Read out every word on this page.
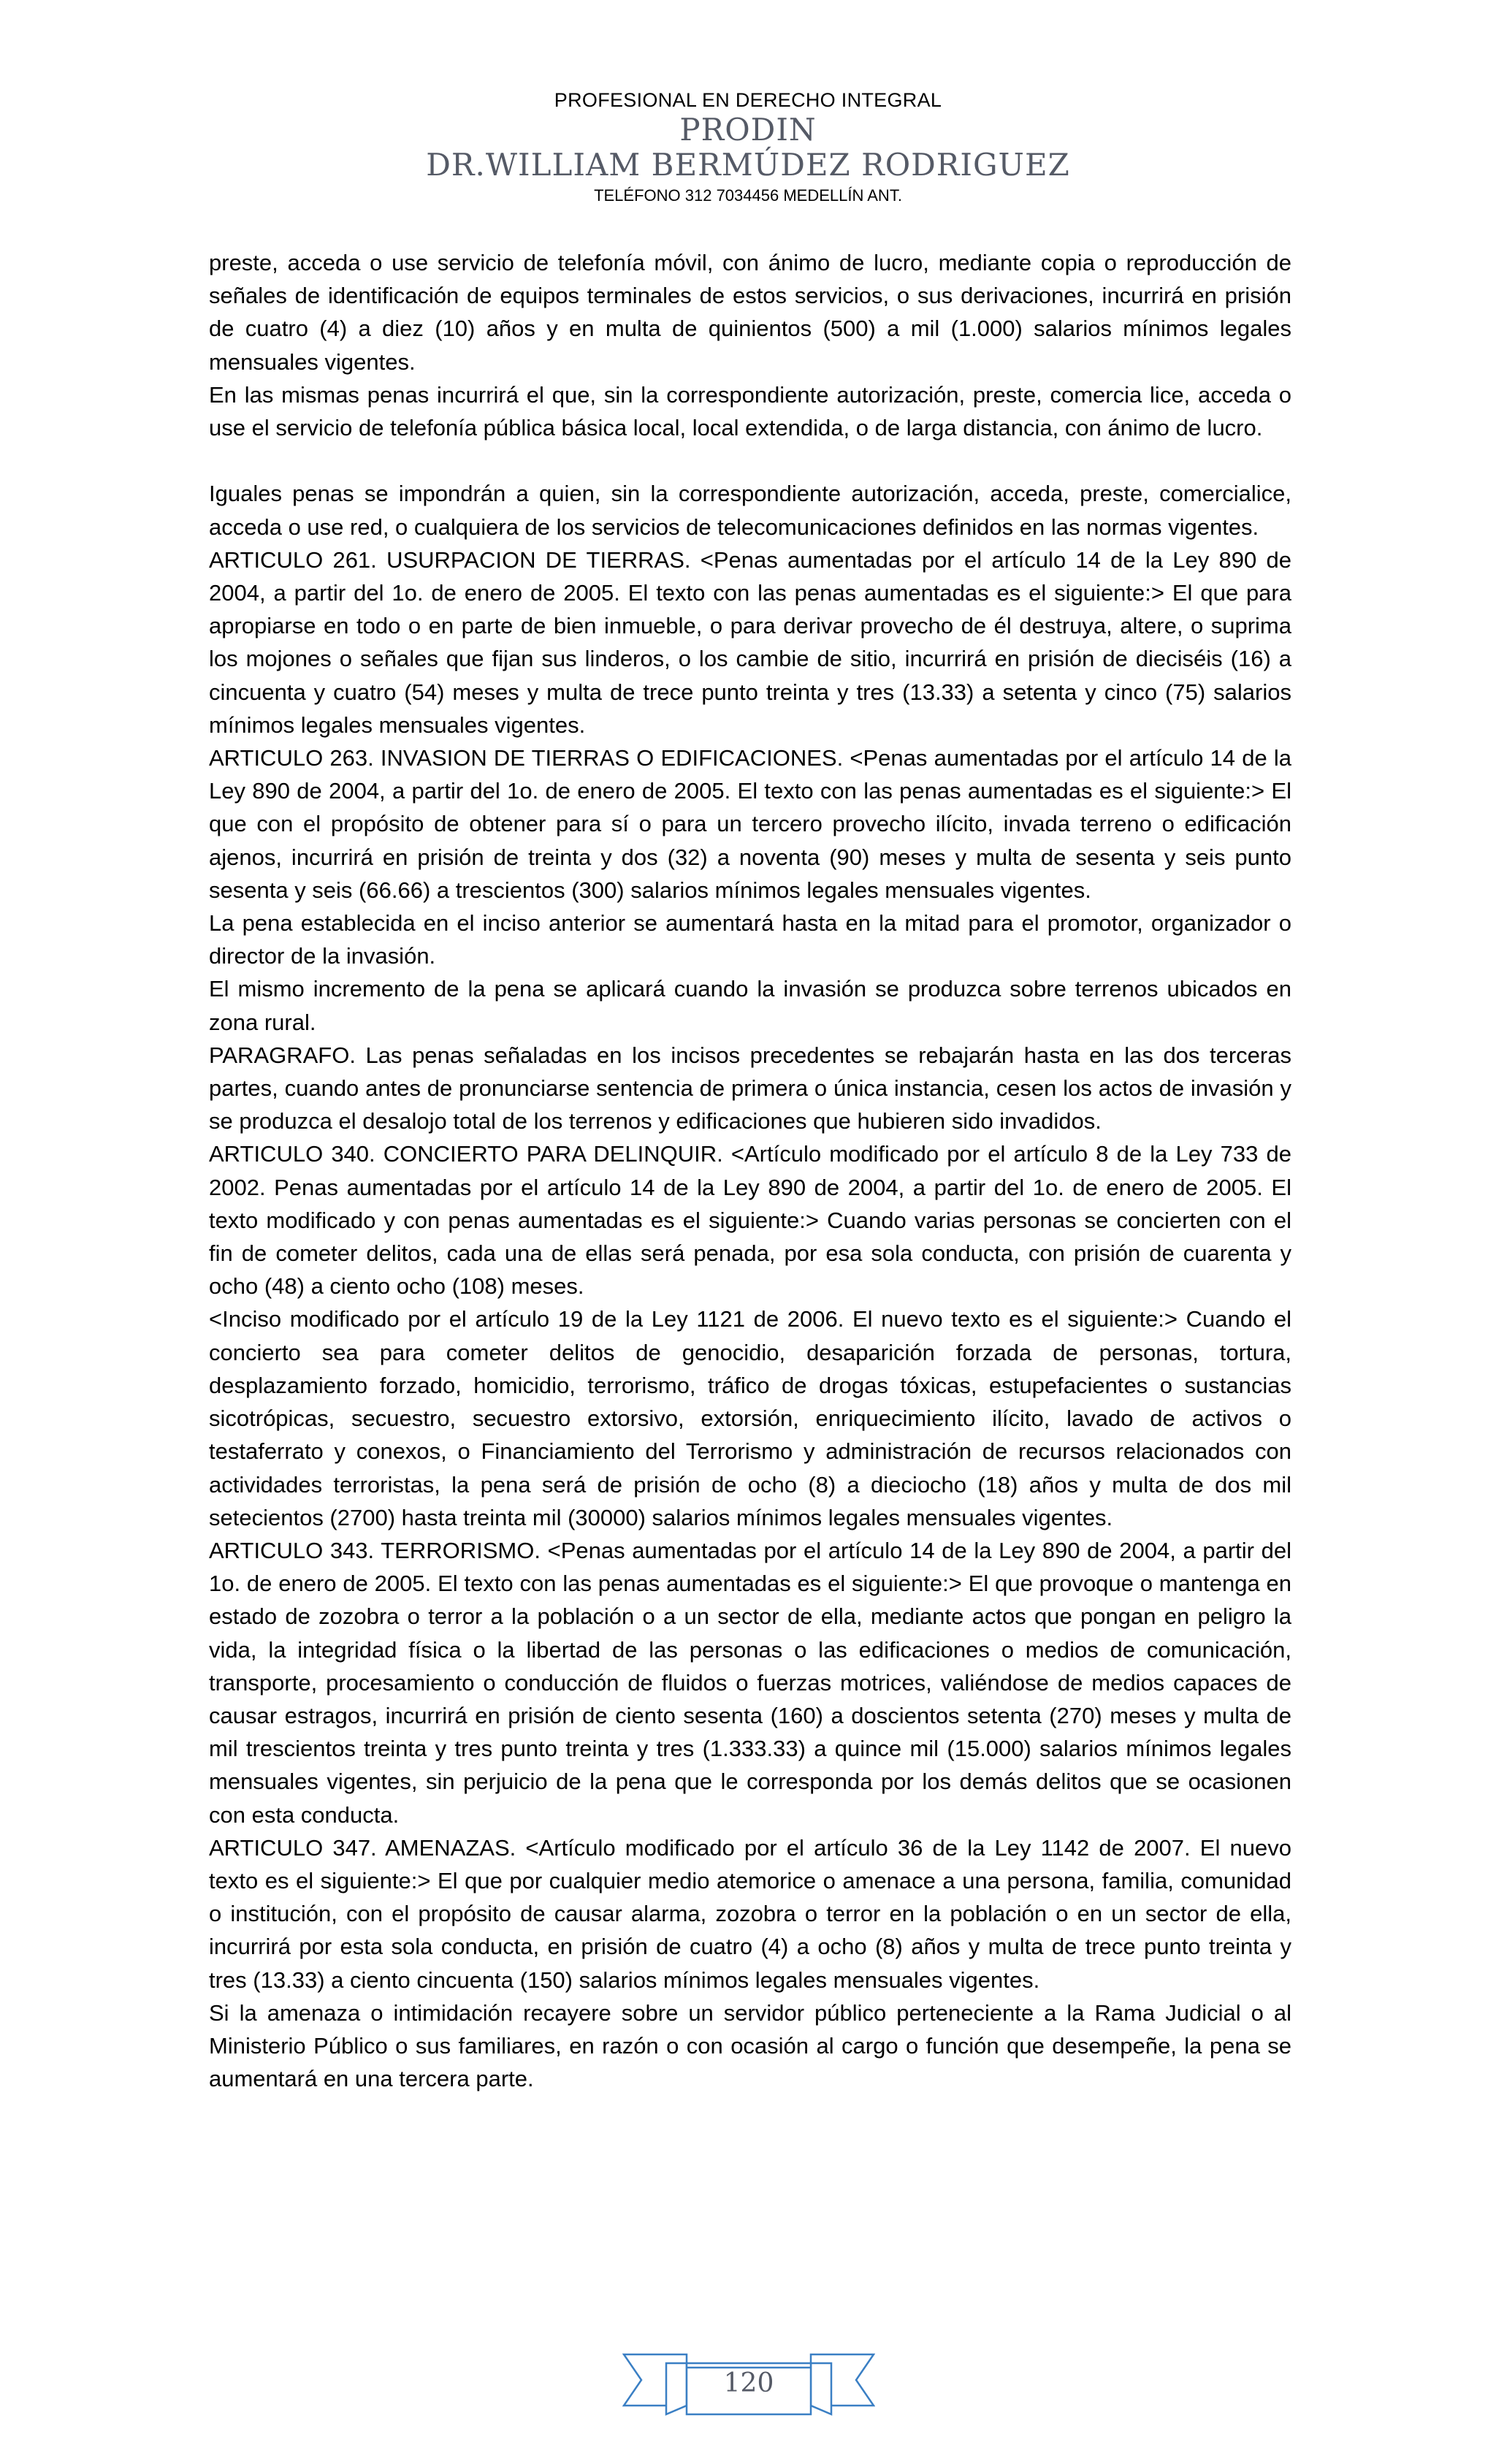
PROFESIONAL EN DERECHO INTEGRAL
PRODIN
DR.WILLIAM BERMÚDEZ RODRIGUEZ
TELÉFONO 312 7034456 MEDELLÍN ANT.

preste, acceda o use servicio de telefonía móvil, con ánimo de lucro, mediante copia o reproducción de señales de identificación de equipos terminales de estos servicios, o sus derivaciones, incurrirá en prisión de cuatro (4) a diez (10) años y en multa de quinientos (500) a mil (1.000) salarios mínimos legales mensuales vigentes.

En las mismas penas incurrirá el que, sin la correspondiente autorización, preste, comercia lice, acceda o use el servicio de telefonía pública básica local, local extendida, o de larga distancia, con ánimo de lucro.

Iguales penas se impondrán a quien, sin la correspondiente autorización, acceda, preste, comercialice, acceda o use red, o cualquiera de los servicios de telecomunicaciones definidos en las normas vigentes.

ARTICULO 261. USURPACION DE TIERRAS. <Penas aumentadas por el artículo 14 de la Ley 890 de 2004, a partir del 1o. de enero de 2005. El texto con las penas aumentadas es el siguiente:> El que para apropiarse en todo o en parte de bien inmueble, o para derivar provecho de él destruya, altere, o suprima los mojones o señales que fijan sus linderos, o los cambie de sitio, incurrirá en prisión de dieciséis (16) a cincuenta y cuatro (54) meses y multa de trece punto treinta y tres (13.33) a setenta y cinco (75) salarios mínimos legales mensuales vigentes.

ARTICULO 263. INVASION DE TIERRAS O EDIFICACIONES. <Penas aumentadas por el artículo 14 de la Ley 890 de 2004, a partir del 1o. de enero de 2005. El texto con las penas aumentadas es el siguiente:> El que con el propósito de obtener para sí o para un tercero provecho ilícito, invada terreno o edificación ajenos, incurrirá en prisión de treinta y dos (32) a noventa (90) meses y multa de sesenta y seis punto sesenta y seis (66.66) a trescientos (300) salarios mínimos legales mensuales vigentes.

La pena establecida en el inciso anterior se aumentará hasta en la mitad para el promotor, organizador o director de la invasión.

El mismo incremento de la pena se aplicará cuando la invasión se produzca sobre terrenos ubicados en zona rural.

PARAGRAFO. Las penas señaladas en los incisos precedentes se rebajarán hasta en las dos terceras partes, cuando antes de pronunciarse sentencia de primera o única instancia, cesen los actos de invasión y se produzca el desalojo total de los terrenos y edificaciones que hubieren sido invadidos.

ARTICULO 340. CONCIERTO PARA DELINQUIR. <Artículo modificado por el artículo 8 de la Ley 733 de 2002. Penas aumentadas por el artículo 14 de la Ley 890 de 2004, a partir del 1o. de enero de 2005. El texto modificado y con penas aumentadas es el siguiente:> Cuando varias personas se concierten con el fin de cometer delitos, cada una de ellas será penada, por esa sola conducta, con prisión de cuarenta y ocho (48) a ciento ocho (108) meses.

<Inciso modificado por el artículo 19 de la Ley 1121 de 2006. El nuevo texto es el siguiente:> Cuando el concierto sea para cometer delitos de genocidio, desaparición forzada de personas, tortura, desplazamiento forzado, homicidio, terrorismo, tráfico de drogas tóxicas, estupefacientes o sustancias sicotrópicas, secuestro, secuestro extorsivo, extorsión, enriquecimiento ilícito, lavado de activos o testaferrato y conexos, o Financiamiento del Terrorismo y administración de recursos relacionados con actividades terroristas, la pena será de prisión de ocho (8) a dieciocho (18) años y multa de dos mil setecientos (2700) hasta treinta mil (30000) salarios mínimos legales mensuales vigentes.

ARTICULO 343. TERRORISMO. <Penas aumentadas por el artículo 14 de la Ley 890 de 2004, a partir del 1o. de enero de 2005. El texto con las penas aumentadas es el siguiente:> El que provoque o mantenga en estado de zozobra o terror a la población o a un sector de ella, mediante actos que pongan en peligro la vida, la integridad física o la libertad de las personas o las edificaciones o medios de comunicación, transporte, procesamiento o conducción de fluidos o fuerzas motrices, valiéndose de medios capaces de causar estragos, incurrirá en prisión de ciento sesenta (160) a doscientos setenta (270) meses y multa de mil trescientos treinta y tres punto treinta y tres (1.333.33) a quince mil (15.000) salarios mínimos legales mensuales vigentes, sin perjuicio de la pena que le corresponda por los demás delitos que se ocasionen con esta conducta.

ARTICULO 347. AMENAZAS. <Artículo modificado por el artículo 36 de la Ley 1142 de 2007. El nuevo texto es el siguiente:> El que por cualquier medio atemorice o amenace a una persona, familia, comunidad o institución, con el propósito de causar alarma, zozobra o terror en la población o en un sector de ella, incurrirá por esta sola conducta, en prisión de cuatro (4) a ocho (8) años y multa de trece punto treinta y tres (13.33) a ciento cincuenta (150) salarios mínimos legales mensuales vigentes.

Si la amenaza o intimidación recayere sobre un servidor público perteneciente a la Rama Judicial o al Ministerio Público o sus familiares, en razón o con ocasión al cargo o función que desempeñe, la pena se aumentará en una tercera parte.

120
